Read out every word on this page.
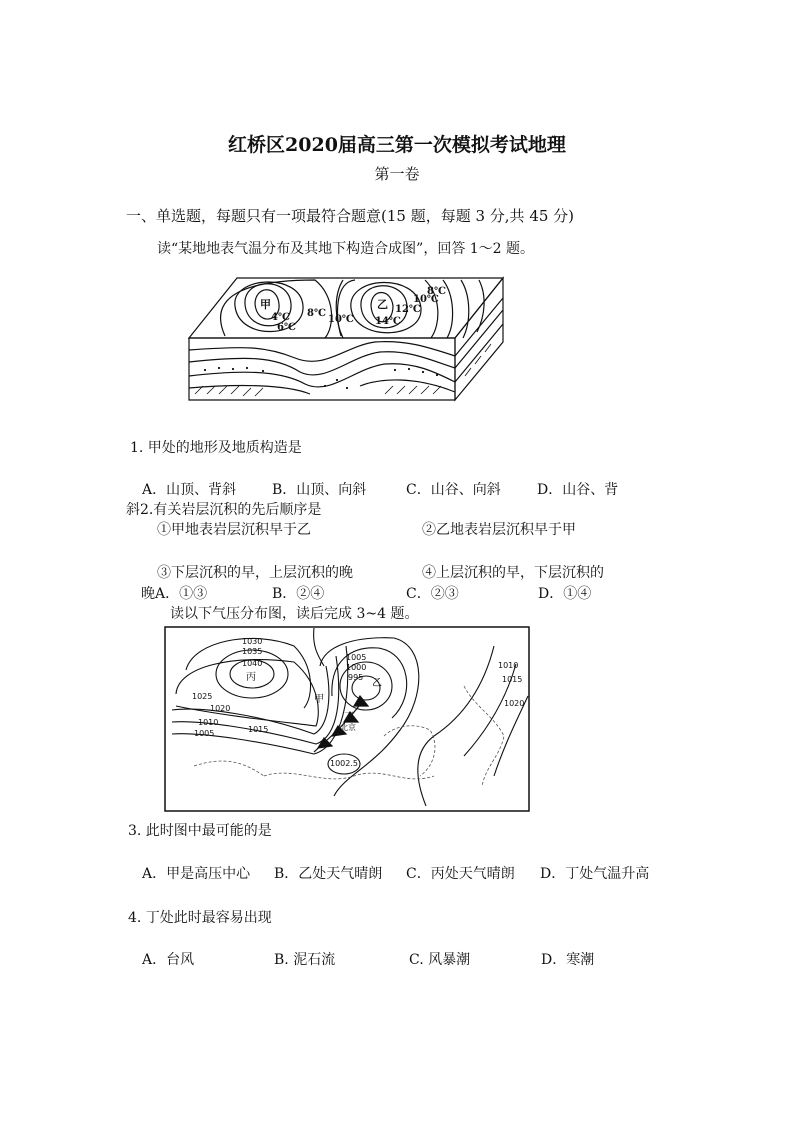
红桥区2020届高三第一次模拟考试地理
第一卷
一、单选题，每题只有一项最符合题意(15 题，每题 3 分,共 45 分)
读“某地地表气温分布及其地下构造合成图”，回答 1～2 题。
甲	乙
4℃
6℃
8℃
10℃ 14℃
12℃
10℃
8℃
1. 甲处的地形及地质构造是
A．山顶、背斜	B．山顶、向斜	C．山谷、向斜	D．山谷、背
斜2.有关岩层沉积的先后顺序是
①甲地表岩层沉积早于乙	②乙地表岩层沉积早于甲
③下层沉积的早，上层沉积的晚	④上层沉积的早，下层沉积的
晚A．①③	B．②④	C．②③	D．①④
读以下气压分布图，读后完成 3~4 题。
1030
1035
1040
1025
1020
1010
1005	1015
1005
1000
995
1002.5
1010
1015
1020
丙
甲
乙
丁
北京
3. 此时图中最可能的是
A．甲是高压中心 B．乙处天气晴朗 C．丙处天气晴朗 D．丁处气温升高
4. 丁处此时最容易出现
A．台风	B. 泥石流	C. 风暴潮	D．寒潮
